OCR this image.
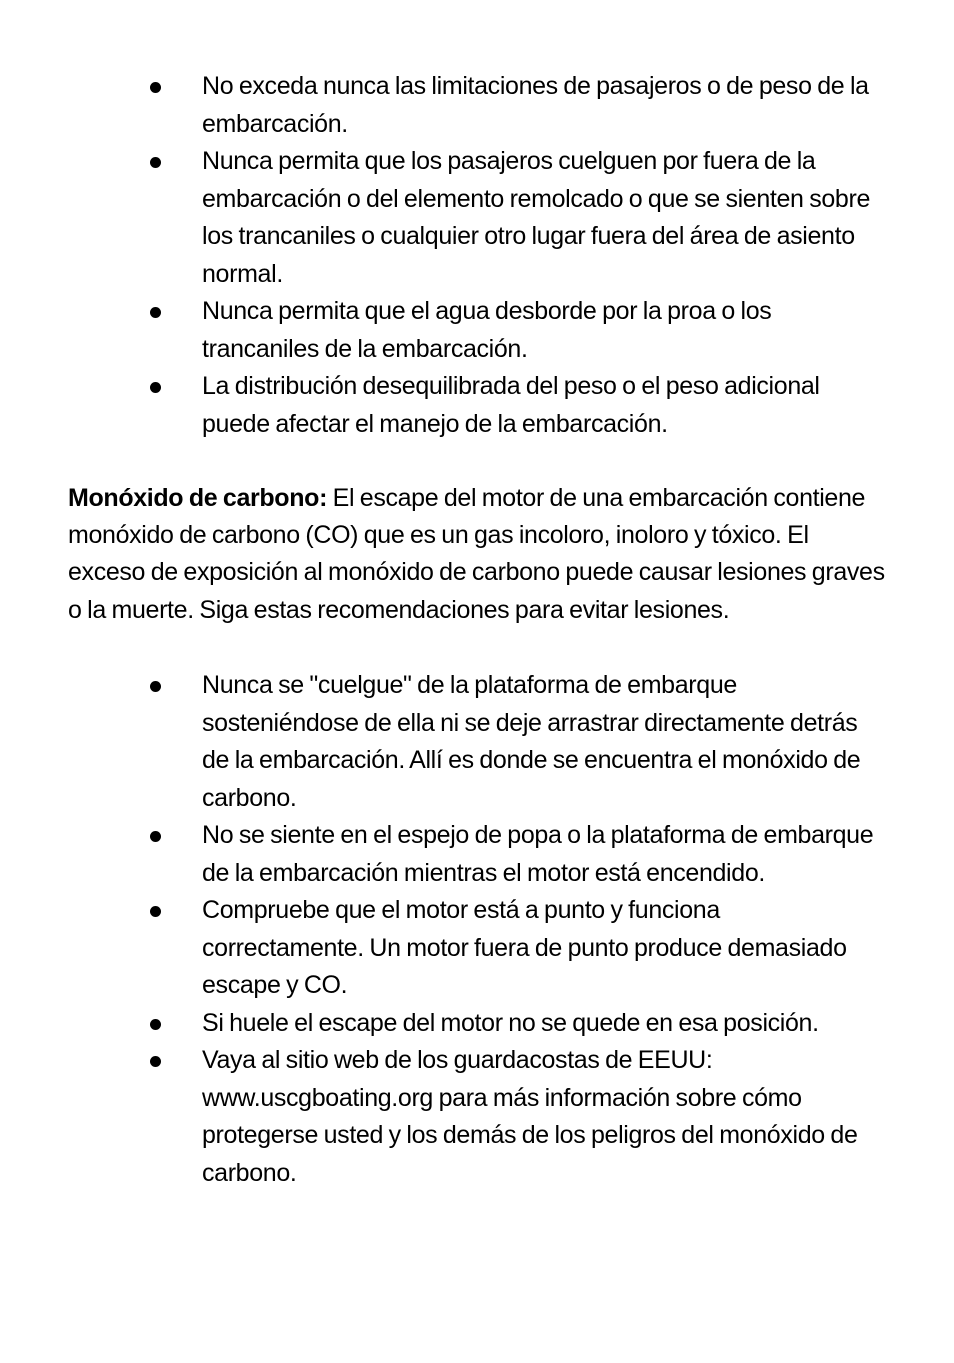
No exceda nunca las limitaciones de pasajeros o de peso de la embarcación.
Nunca permita que los pasajeros cuelguen por fuera de la embarcación o del elemento remolcado o que se sienten sobre los trancaniles o cualquier otro lugar fuera del área de asiento normal.
Nunca permita que el agua desborde por la proa o los trancaniles de la embarcación.
La distribución desequilibrada del peso o el peso adicional puede afectar el manejo de la embarcación.

Monóxido de carbono: El escape del motor de una embarcación contiene monóxido de carbono (CO) que es un gas incoloro, inoloro y tóxico. El exceso de exposición al monóxido de carbono puede causar lesiones graves o la muerte. Siga estas recomendaciones para evitar lesiones.

Nunca se "cuelgue" de la plataforma de embarque sosteniéndose de ella ni se deje arrastrar directamente detrás de la embarcación. Allí es donde se encuentra el monóxido de carbono.
No se siente en el espejo de popa o la plataforma de embarque de la embarcación mientras el motor está encendido.
Compruebe que el motor está a punto y funciona correctamente. Un motor fuera de punto produce demasiado escape y CO.
Si huele el escape del motor no se quede en esa posición.
Vaya al sitio web de los guardacostas de EEUU: www.uscgboating.org para más información sobre cómo protegerse usted y los demás de los peligros del monóxido de carbono.
